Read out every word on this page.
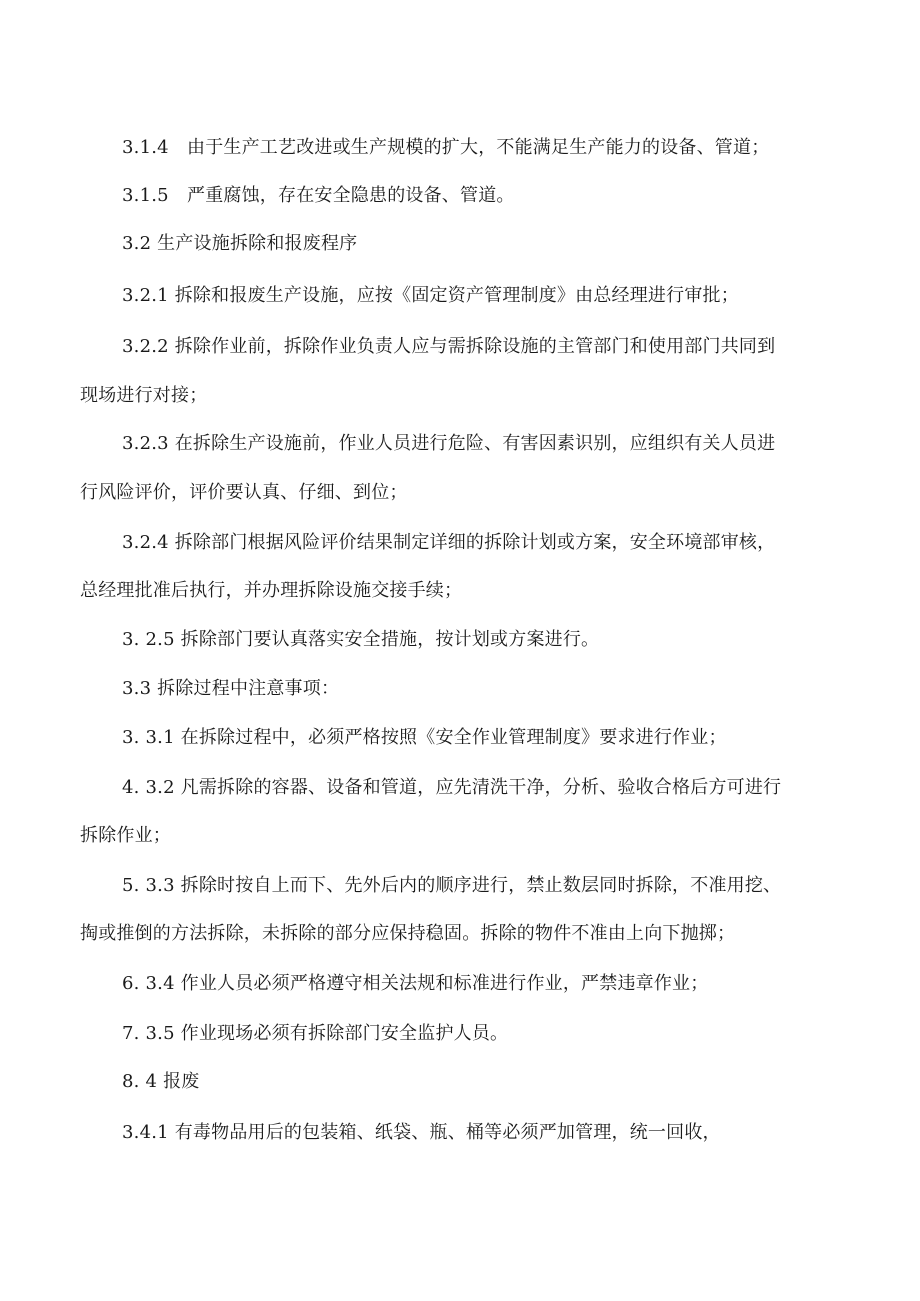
3.1.4　由于生产工艺改进或生产规模的扩大，不能满足生产能力的设备、管道；

3.1.5　严重腐蚀，存在安全隐患的设备、管道。

3.2 生产设施拆除和报废程序

3.2.1 拆除和报废生产设施，应按《固定资产管理制度》由总经理进行审批；

3.2.2 拆除作业前，拆除作业负责人应与需拆除设施的主管部门和使用部门共同到

现场进行对接；

3.2.3 在拆除生产设施前，作业人员进行危险、有害因素识别，应组织有关人员进

行风险评价，评价要认真、仔细、到位；

3.2.4 拆除部门根据风险评价结果制定详细的拆除计划或方案，安全环境部审核，

总经理批准后执行，并办理拆除设施交接手续；

3. 2.5 拆除部门要认真落实安全措施，按计划或方案进行。

3.3 拆除过程中注意事项：

3. 3.1 在拆除过程中，必须严格按照《安全作业管理制度》要求进行作业；

4. 3.2 凡需拆除的容器、设备和管道，应先清洗干净，分析、验收合格后方可进行

拆除作业；

5. 3.3 拆除时按自上而下、先外后内的顺序进行，禁止数层同时拆除，不准用挖、

掏或推倒的方法拆除，未拆除的部分应保持稳固。拆除的物件不准由上向下抛掷；

6. 3.4 作业人员必须严格遵守相关法规和标准进行作业，严禁违章作业；

7. 3.5 作业现场必须有拆除部门安全监护人员。

8. 4 报废

3.4.1 有毒物品用后的包装箱、纸袋、瓶、桶等必须严加管理，统一回收，
